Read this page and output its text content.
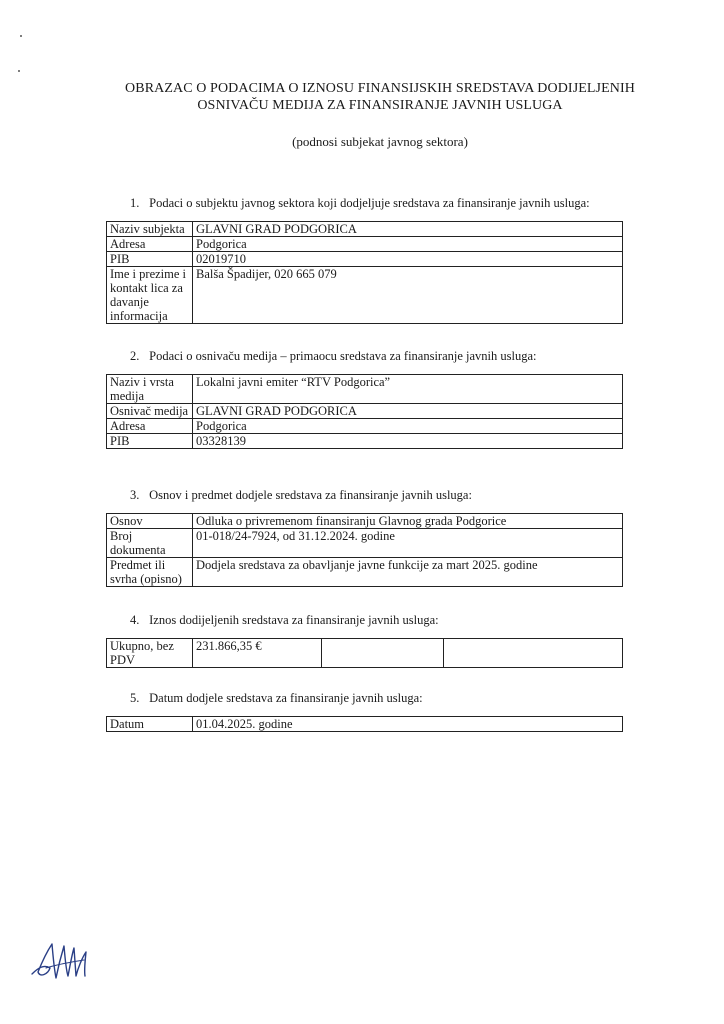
OBRAZAC O PODACIMA O IZNOSU FINANSIJSKIH SREDSTAVA DODIJELJENIH
OSNIVAČU MEDIJA ZA FINANSIRANJE JAVNIH USLUGA
(podnosi subjekat javnog sektora)
1. Podaci o subjektu javnog sektora koji dodjeljuje sredstava za finansiranje javnih usluga:
Naziv subjekta	GLAVNI GRAD PODGORICA
Adresa	Podgorica
PIB	02019710
Ime i prezime i kontakt lica za davanje informacija	Balša Špadijer, 020 665 079
2. Podaci o osnivaču medija – primaocu sredstava za finansiranje javnih usluga:
Naziv i vrsta medija	Lokalni javni emiter “RTV Podgorica”
Osnivač medija	GLAVNI GRAD PODGORICA
Adresa	Podgorica
PIB	03328139
3. Osnov i predmet dodjele sredstava za finansiranje javnih usluga:
Osnov	Odluka o privremenom finansiranju Glavnog grada Podgorice
Broj dokumenta	01-018/24-7924, od 31.12.2024. godine
Predmet ili svrha (opisno)	Dodjela sredstava za obavljanje javne funkcije za mart 2025. godine
4. Iznos dodijeljenih sredstava za finansiranje javnih usluga:
Ukupno, bez PDV	231.866,35 €		
5. Datum dodjele sredstava za finansiranje javnih usluga:
Datum	01.04.2025. godine
